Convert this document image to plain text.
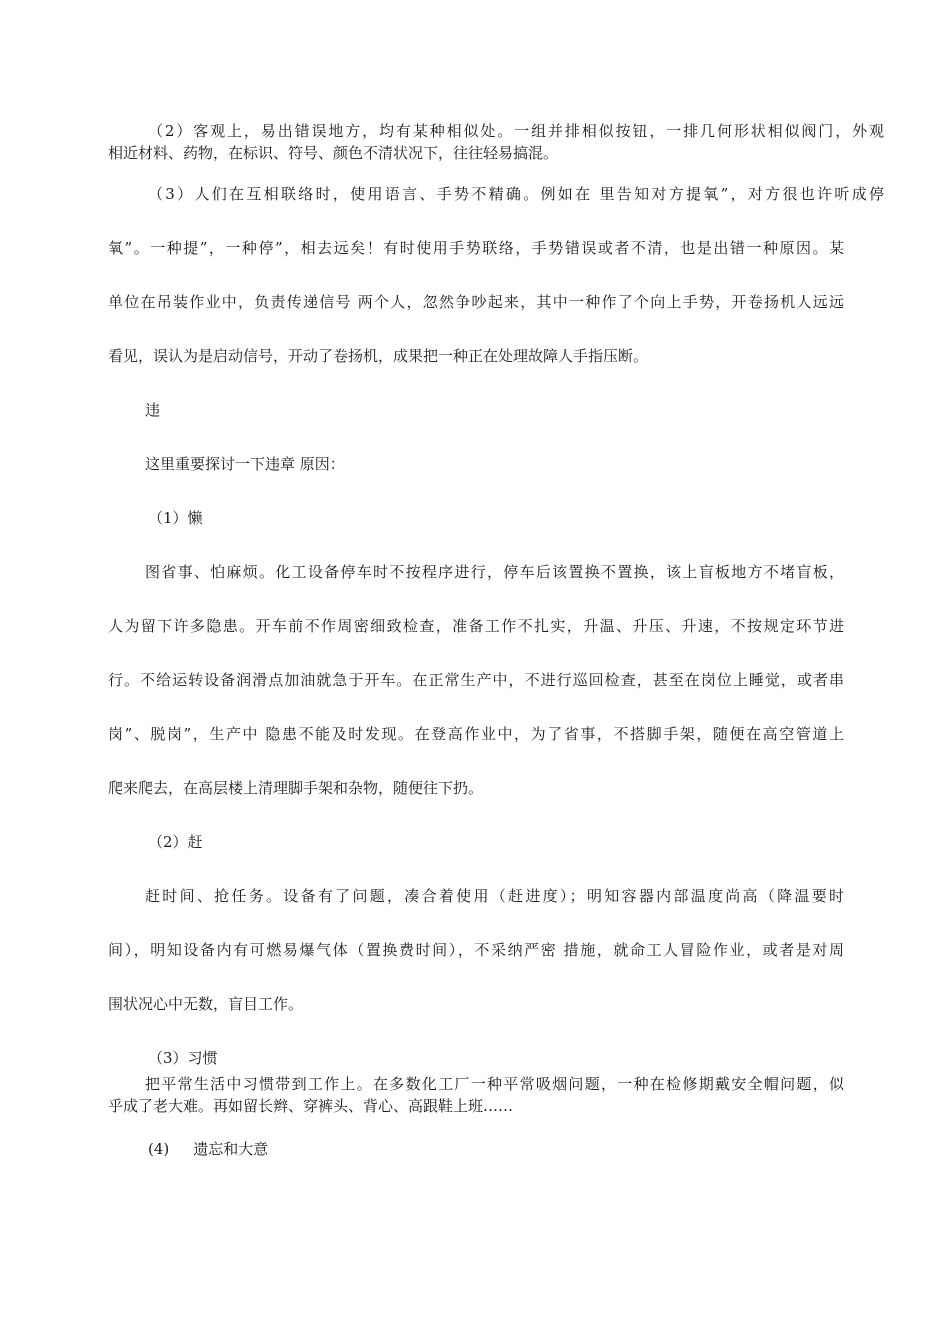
（2）客观上，易出错误地方，均有某种相似处。一组并排相似按钮，一排几何形状相似阀门，外观
相近材料、药物，在标识、符号、颜色不清状况下，往往轻易搞混。
（3）人们在互相联络时，使用语言、手势不精确。例如在 里告知对方提氧”，对方很也许听成停
氧”。一种提”，一种停”，相去远矣！有时使用手势联络，手势错误或者不清，也是出错一种原因。某
单位在吊装作业中，负责传递信号 两个人，忽然争吵起来，其中一种作了个向上手势，开卷扬机人远远
看见，误认为是启动信号，开动了卷扬机，成果把一种正在处理故障人手指压断。
违
这里重要探讨一下违章 原因：
（1）懒
图省事、怕麻烦。化工设备停车时不按程序进行，停车后该置换不置换，该上盲板地方不堵盲板，
人为留下许多隐患。开车前不作周密细致检查，准备工作不扎实，升温、升压、升速，不按规定环节进
行。不给运转设备润滑点加油就急于开车。在正常生产中，不进行巡回检查，甚至在岗位上睡觉，或者串
岗”、脱岗”，生产中 隐患不能及时发现。在登高作业中，为了省事，不搭脚手架，随便在高空管道上
爬来爬去，在高层楼上清理脚手架和杂物，随便往下扔。
（2）赶
赶时间、抢任务。设备有了问题，凑合着使用（赶进度）；明知容器内部温度尚高（降温要时
间），明知设备内有可燃易爆气体（置换费时间），不采纳严密 措施，就命工人冒险作业，或者是对周
围状况心中无数，盲目工作。
（3）习惯
把平常生活中习惯带到工作上。在多数化工厂一种平常吸烟问题，一种在检修期戴安全帽问题，似
乎成了老大难。再如留长辫、穿裤头、背心、高跟鞋上班……
(4) 遗忘和大意
